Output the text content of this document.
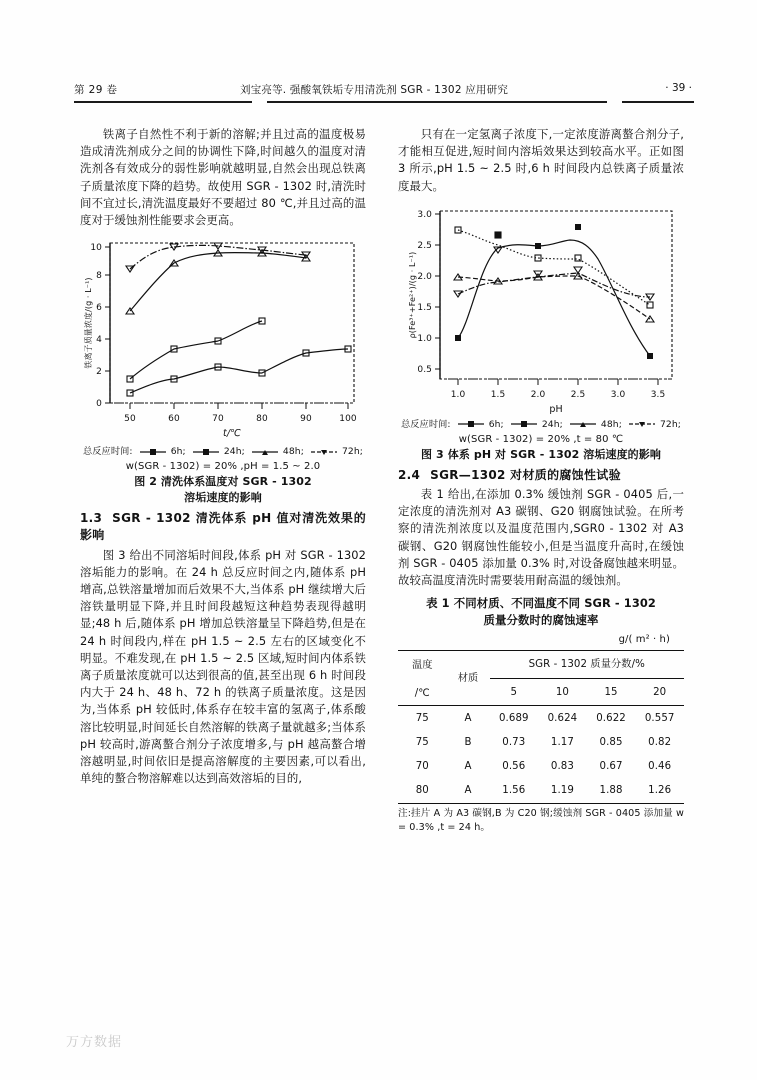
第 29 卷	刘宝亮等. 强酸氧铁垢专用清洗剂 SGR - 1302 应用研究	· 39 ·

铁离子自然性不利于新的溶解;并且过高的温度极易造成清洗剂成分之间的协调性下降,时间越久的温度对清洗剂各有效成分的弱性影响就越明显,自然会出现总铁离子质量浓度下降的趋势。故使用 SGR - 1302 时,清洗时间不宜过长,清洗温度最好不要超过 80 ℃,并且过高的温度对于缓蚀剂性能要求会更高。

0
2
4
6
8
10
50	60	70	80	90	100
t/℃
铁离子质量浓度/(g · L⁻¹)
总反应时间:	6h;	24h;	48h;	72h;
w(SGR - 1302) = 20% ,pH = 1.5 ~ 2.0
图 2 清洗体系温度对 SGR - 1302
溶垢速度的影响
1.3 SGR - 1302 清洗体系 pH 值对清洗效果的影响

图 3 给出不同溶垢时间段,体系 pH 对 SGR - 1302 溶垢能力的影响。在 24 h 总反应时间之内,随体系 pH 增高,总铁溶量增加而后效果不大,当体系 pH 继续增大后溶铁量明显下降,并且时间段越短这种趋势表现得越明显;48 h 后,随体系 pH 增加总铁溶量呈下降趋势,但是在 24 h 时间段内,样在 pH 1.5 ~ 2.5 左右的区域变化不明显。不难发现,在 pH 1.5 ~ 2.5 区域,短时间内体系铁离子质量浓度就可以达到很高的值,甚至出现 6 h 时间段内大于 24 h、48 h、72 h 的铁离子质量浓度。这是因为,当体系 pH 较低时,体系存在较丰富的氢离子,体系酸溶比较明显,时间延长自然溶解的铁离子量就越多;当体系 pH 较高时,游离螯合剂分子浓度增多,与 pH 越高螯合增溶越明显,时间依旧是提高溶解度的主要因素,可以看出,单纯的螯合物溶解难以达到高效溶垢的目的,

只有在一定氢离子浓度下,一定浓度游离螯合剂分子,才能相互促进,短时间内溶垢效果达到较高水平。正如图 3 所示,pH 1.5 ~ 2.5 时,6 h 时间段内总铁离子质量浓度最大。

0.5
1.0
1.5
2.0
2.5
3.0
1.0	1.5	2.0	2.5	3.0	3.5
pH
ρ(Fe³⁺+Fe²⁺)/(g · L⁻¹)
总反应时间:	6h;	24h;	48h;	72h;
w(SGR - 1302) = 20% ,t = 80 ℃
图 3 体系 pH 对 SGR - 1302 溶垢速度的影响
2.4 SGR—1302 对材质的腐蚀性试验

表 1 给出,在添加 0.3% 缓蚀剂 SGR - 0405 后,一定浓度的清洗剂对 A3 碳钢、G20 钢腐蚀试验。在所考察的清洗剂浓度以及温度范围内,SGR0 - 1302 对 A3 碳钢、G20 钢腐蚀性能较小,但是当温度升高时,在缓蚀剂 SGR - 0405 添加量 0.3% 时,对设备腐蚀越来明显。故较高温度清洗时需要装用耐高温的缓蚀剂。

表 1 不同材质、不同温度不同 SGR - 1302
质量分数时的腐蚀速率
g/( m² · h)
温度
/℃	材质	SGR - 1302 质量分数/%			
		5	10	15	20
75	A	0.689	0.624	0.622	0.557
75	B	0.73	1.17	0.85	0.82
70	A	0.56	0.83	0.67	0.46
80	A	1.56	1.19	1.88	1.26
注:挂片 A 为 A3 碳钢,B 为 C20 钢;缓蚀剂 SGR - 0405 添加量 w = 0.3% ,t = 24 h。
万方数据
